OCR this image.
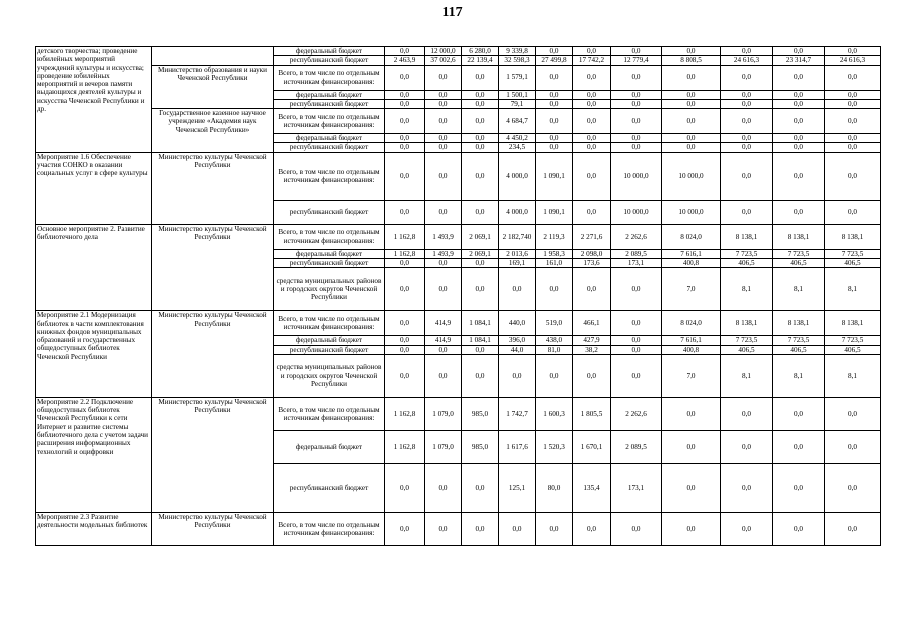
117
детского творчества; проведение юбилейных мероприятий учреждений культуры и искусства; проведение юбилейных мероприятий и вечеров памяти выдающихся деятелей культуры и искусства Чеченской Республики и др.		федеральный бюджет	0,0	12 000,0	6 280,0	9 339,8	0,0	0,0	0,0	0,0	0,0	0,0	0,0
		республиканский бюджет	2 463,9	37 002,6	22 139,4	32 598,3	27 499,8	17 742,2	12 779,4	8 808,5	24 616,3	23 314,7	24 616,3
	Министерство образования и науки Чеченской Республики	Всего, в том числе по отдельным источникам финансирования:	0,0	0,0	0,0	1 579,1	0,0	0,0	0,0	0,0	0,0	0,0	0,0
		федеральный бюджет	0,0	0,0	0,0	1 500,1	0,0	0,0	0,0	0,0	0,0	0,0	0,0
		республиканский бюджет	0,0	0,0	0,0	79,1	0,0	0,0	0,0	0,0	0,0	0,0	0,0
	Государственное казенное научное учреждение «Академия наук Чеченской Республики»	Всего, в том числе по отдельным источникам финансирования:	0,0	0,0	0,0	4 684,7	0,0	0,0	0,0	0,0	0,0	0,0	0,0
		федеральный бюджет	0,0	0,0	0,0	4 450,2	0,0	0,0	0,0	0,0	0,0	0,0	0,0
		республиканский бюджет	0,0	0,0	0,0	234,5	0,0	0,0	0,0	0,0	0,0	0,0	0,0
Мероприятие 1.6 Обеспечение участия СОНКО в оказании социальных услуг в сфере культуры	Министерство культуры Чеченской Республики	Всего, в том числе по отдельным источникам финансирования:	0,0	0,0	0,0	4 000,0	1 090,1	0,0	10 000,0	10 000,0	0,0	0,0	0,0
		республиканский бюджет	0,0	0,0	0,0	4 000,0	1 090,1	0,0	10 000,0	10 000,0	0,0	0,0	0,0
Основное мероприятие 2. Развитие библиотечного дела	Министерство культуры Чеченской Республики	Всего, в том числе по отдельным источникам финансирования:	1 162,8	1 493,9	2 069,1	2 182,740	2 119,3	2 271,6	2 262,6	8 024,0	8 138,1	8 138,1	8 138,1
		федеральный бюджет	1 162,8	1 493,9	2 069,1	2 013,6	1 958,3	2 098,0	2 089,5	7 616,1	7 723,5	7 723,5	7 723,5
		республиканский бюджет	0,0	0,0	0,0	169,1	161,0	173,6	173,1	400,8	406,5	406,5	406,5
		средства муниципальных районов и городских округов Чеченской Республики	0,0	0,0	0,0	0,0	0,0	0,0	0,0	7,0	8,1	8,1	8,1
Мероприятие 2.1 Модернизация библиотек в части комплектования книжных фондов муниципальных образований и государственных общедоступных библиотек Чеченской Республики	Министерство культуры Чеченской Республики	Всего, в том числе по отдельным источникам финансирования:	0,0	414,9	1 084,1	440,0	519,0	466,1	0,0	8 024,0	8 138,1	8 138,1	8 138,1
		федеральный бюджет	0,0	414,9	1 084,1	396,0	438,0	427,9	0,0	7 616,1	7 723,5	7 723,5	7 723,5
		республиканский бюджет	0,0	0,0	0,0	44,0	81,0	38,2	0,0	400,8	406,5	406,5	406,5
		средства муниципальных районов и городских округов Чеченской Республики	0,0	0,0	0,0	0,0	0,0	0,0	0,0	7,0	8,1	8,1	8,1
Мероприятие 2.2 Подключение общедоступных библиотек Чеченской Республики к сети Интернет и развитие системы библиотечного дела с учетом задачи расширения информационных технологий и оцифровки	Министерство культуры Чеченской Республики	Всего, в том числе по отдельным источникам финансирования:	1 162,8	1 079,0	985,0	1 742,7	1 600,3	1 805,5	2 262,6	0,0	0,0	0,0	0,0
		федеральный бюджет	1 162,8	1 079,0	985,0	1 617,6	1 520,3	1 670,1	2 089,5	0,0	0,0	0,0	0,0
		республиканский бюджет	0,0	0,0	0,0	125,1	80,0	135,4	173,1	0,0	0,0	0,0	0,0
Мероприятие 2.3 Развитие деятельности модельных библиотек	Министерство культуры Чеченской Республики	Всего, в том числе по отдельным источникам финансирования:	0,0	0,0	0,0	0,0	0,0	0,0	0,0	0,0	0,0	0,0	0,0
